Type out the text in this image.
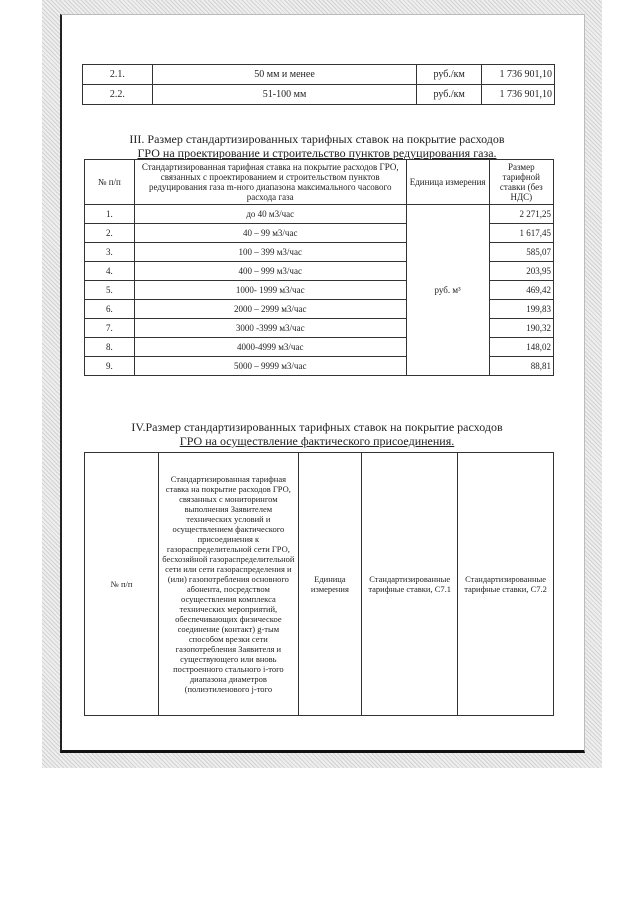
2.1.	50 мм и менее	руб./км	1 736 901,10
2.2.	51-100 мм	руб./км	1 736 901,10
III. Размер стандартизированных тарифных ставок на покрытие расходов
ГРО на проектирование и строительство пунктов редуцирования газа.
№ п/п	Стандартизированная тарифная ставка на покрытие расходов ГРО, связанных с проектированием и строительством пунктов редуцирования газа m-ного диапазона максимального часового расхода газа	Единица измерения	Размер тарифной ставки (без НДС)
1.	до 40 м3/час	руб. м³	2 271,25
2.	40 – 99 м3/час		1 617,45
3.	100 – 399 м3/час		585,07
4.	400 – 999 м3/час		203,95
5.	1000- 1999 м3/час		469,42
6.	2000 – 2999 м3/час		199,83
7.	3000 -3999 м3/час		190,32
8.	4000-4999 м3/час		148,02
9.	5000 – 9999 м3/час		88,81
IV.Размер стандартизированных тарифных ставок на покрытие расходов
ГРО на осуществление фактического присоединения.
№ п/п	Стандартизированная тарифная ставка на покрытие расходов ГРО, связанных с мониторингом выполнения Заявителем технических условий и осуществлением фактического присоединения к газораспределительной сети ГРО, бесхозяйной газораспределительной сети или сети газораспределения и (или) газопотребления основного абонента, посредством осуществления комплекса технических мероприятий, обеспечивающих физическое соединение (контакт) g-тым способом врезки сети газопотребления Заявителя и существующего или вновь построенного стального i-того диапазона диаметров (полиэтиленового j-того	Единица измерения	Стандартизированные тарифные ставки, С7.1	Стандартизированные тарифные ставки, С7.2
